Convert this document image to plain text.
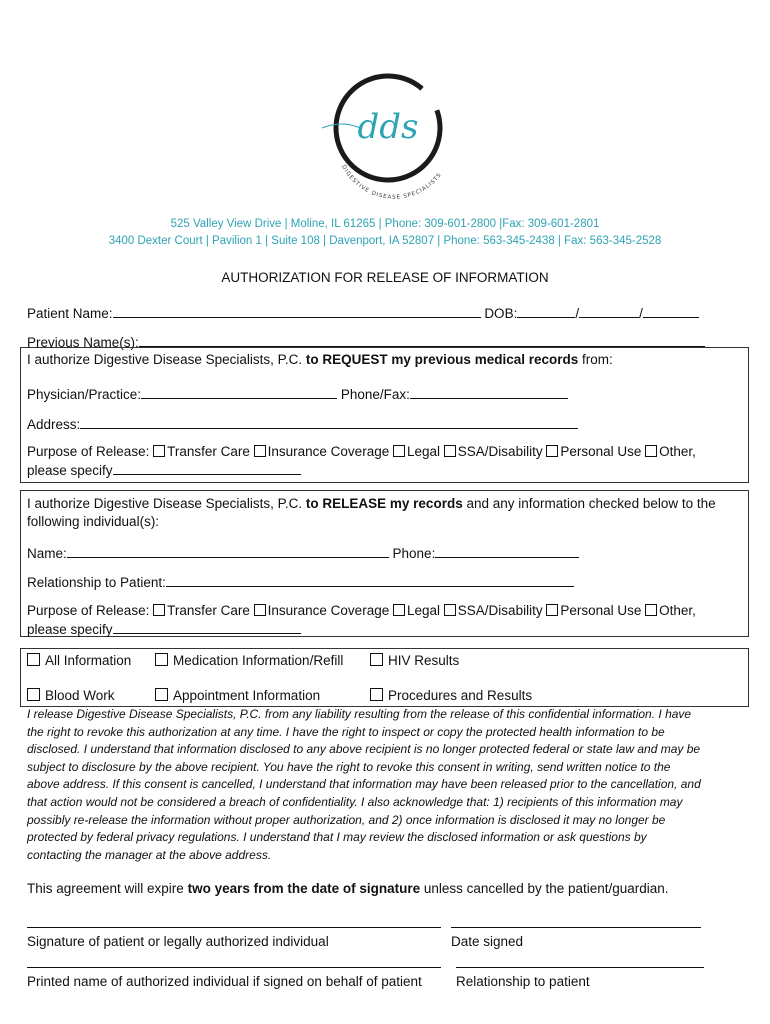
dds
DIGESTIVE DISEASE SPECIALISTS
525 Valley View Drive | Moline, IL 61265 | Phone: 309-601-2800 |Fax: 309-601-2801
3400 Dexter Court | Pavilion 1 | Suite 108 | Davenport, IA 52807 | Phone: 563-345-2438 | Fax: 563-345-2528
AUTHORIZATION FOR RELEASE OF INFORMATION
Patient Name:	DOB:	/	/
Previous Name(s):
I authorize Digestive Disease Specialists, P.C. to REQUEST my previous medical records from:
Physician/Practice:	Phone/Fax:
Address:
Purpose of Release: Transfer Care Insurance Coverage Legal SSA/Disability Personal Use Other,
please specify
I authorize Digestive Disease Specialists, P.C. to RELEASE my records and any information checked below to the
following individual(s):
Name:	Phone:
Relationship to Patient:
Purpose of Release: Transfer Care Insurance Coverage Legal SSA/Disability Personal Use Other,
please specify
All Information	Medication Information/Refill	HIV Results
Blood Work	Appointment Information	Procedures and Results
I release Digestive Disease Specialists, P.C. from any liability resulting from the release of this confidential information. I have
the right to revoke this authorization at any time. I have the right to inspect or copy the protected health information to be
disclosed. I understand that information disclosed to any above recipient is no longer protected federal or state law and may be
subject to disclosure by the above recipient. You have the right to revoke this consent in writing, send written notice to the
above address. If this consent is cancelled, I understand that information may have been released prior to the cancellation, and
that action would not be considered a breach of confidentiality. I also acknowledge that: 1) recipients of this information may
possibly re-release the information without proper authorization, and 2) once information is disclosed it may no longer be
protected by federal privacy regulations. I understand that I may review the disclosed information or ask questions by
contacting the manager at the above address.
This agreement will expire two years from the date of signature unless cancelled by the patient/guardian.
Signature of patient or legally authorized individual	Date signed
Printed name of authorized individual if signed on behalf of patient	Relationship to patient
